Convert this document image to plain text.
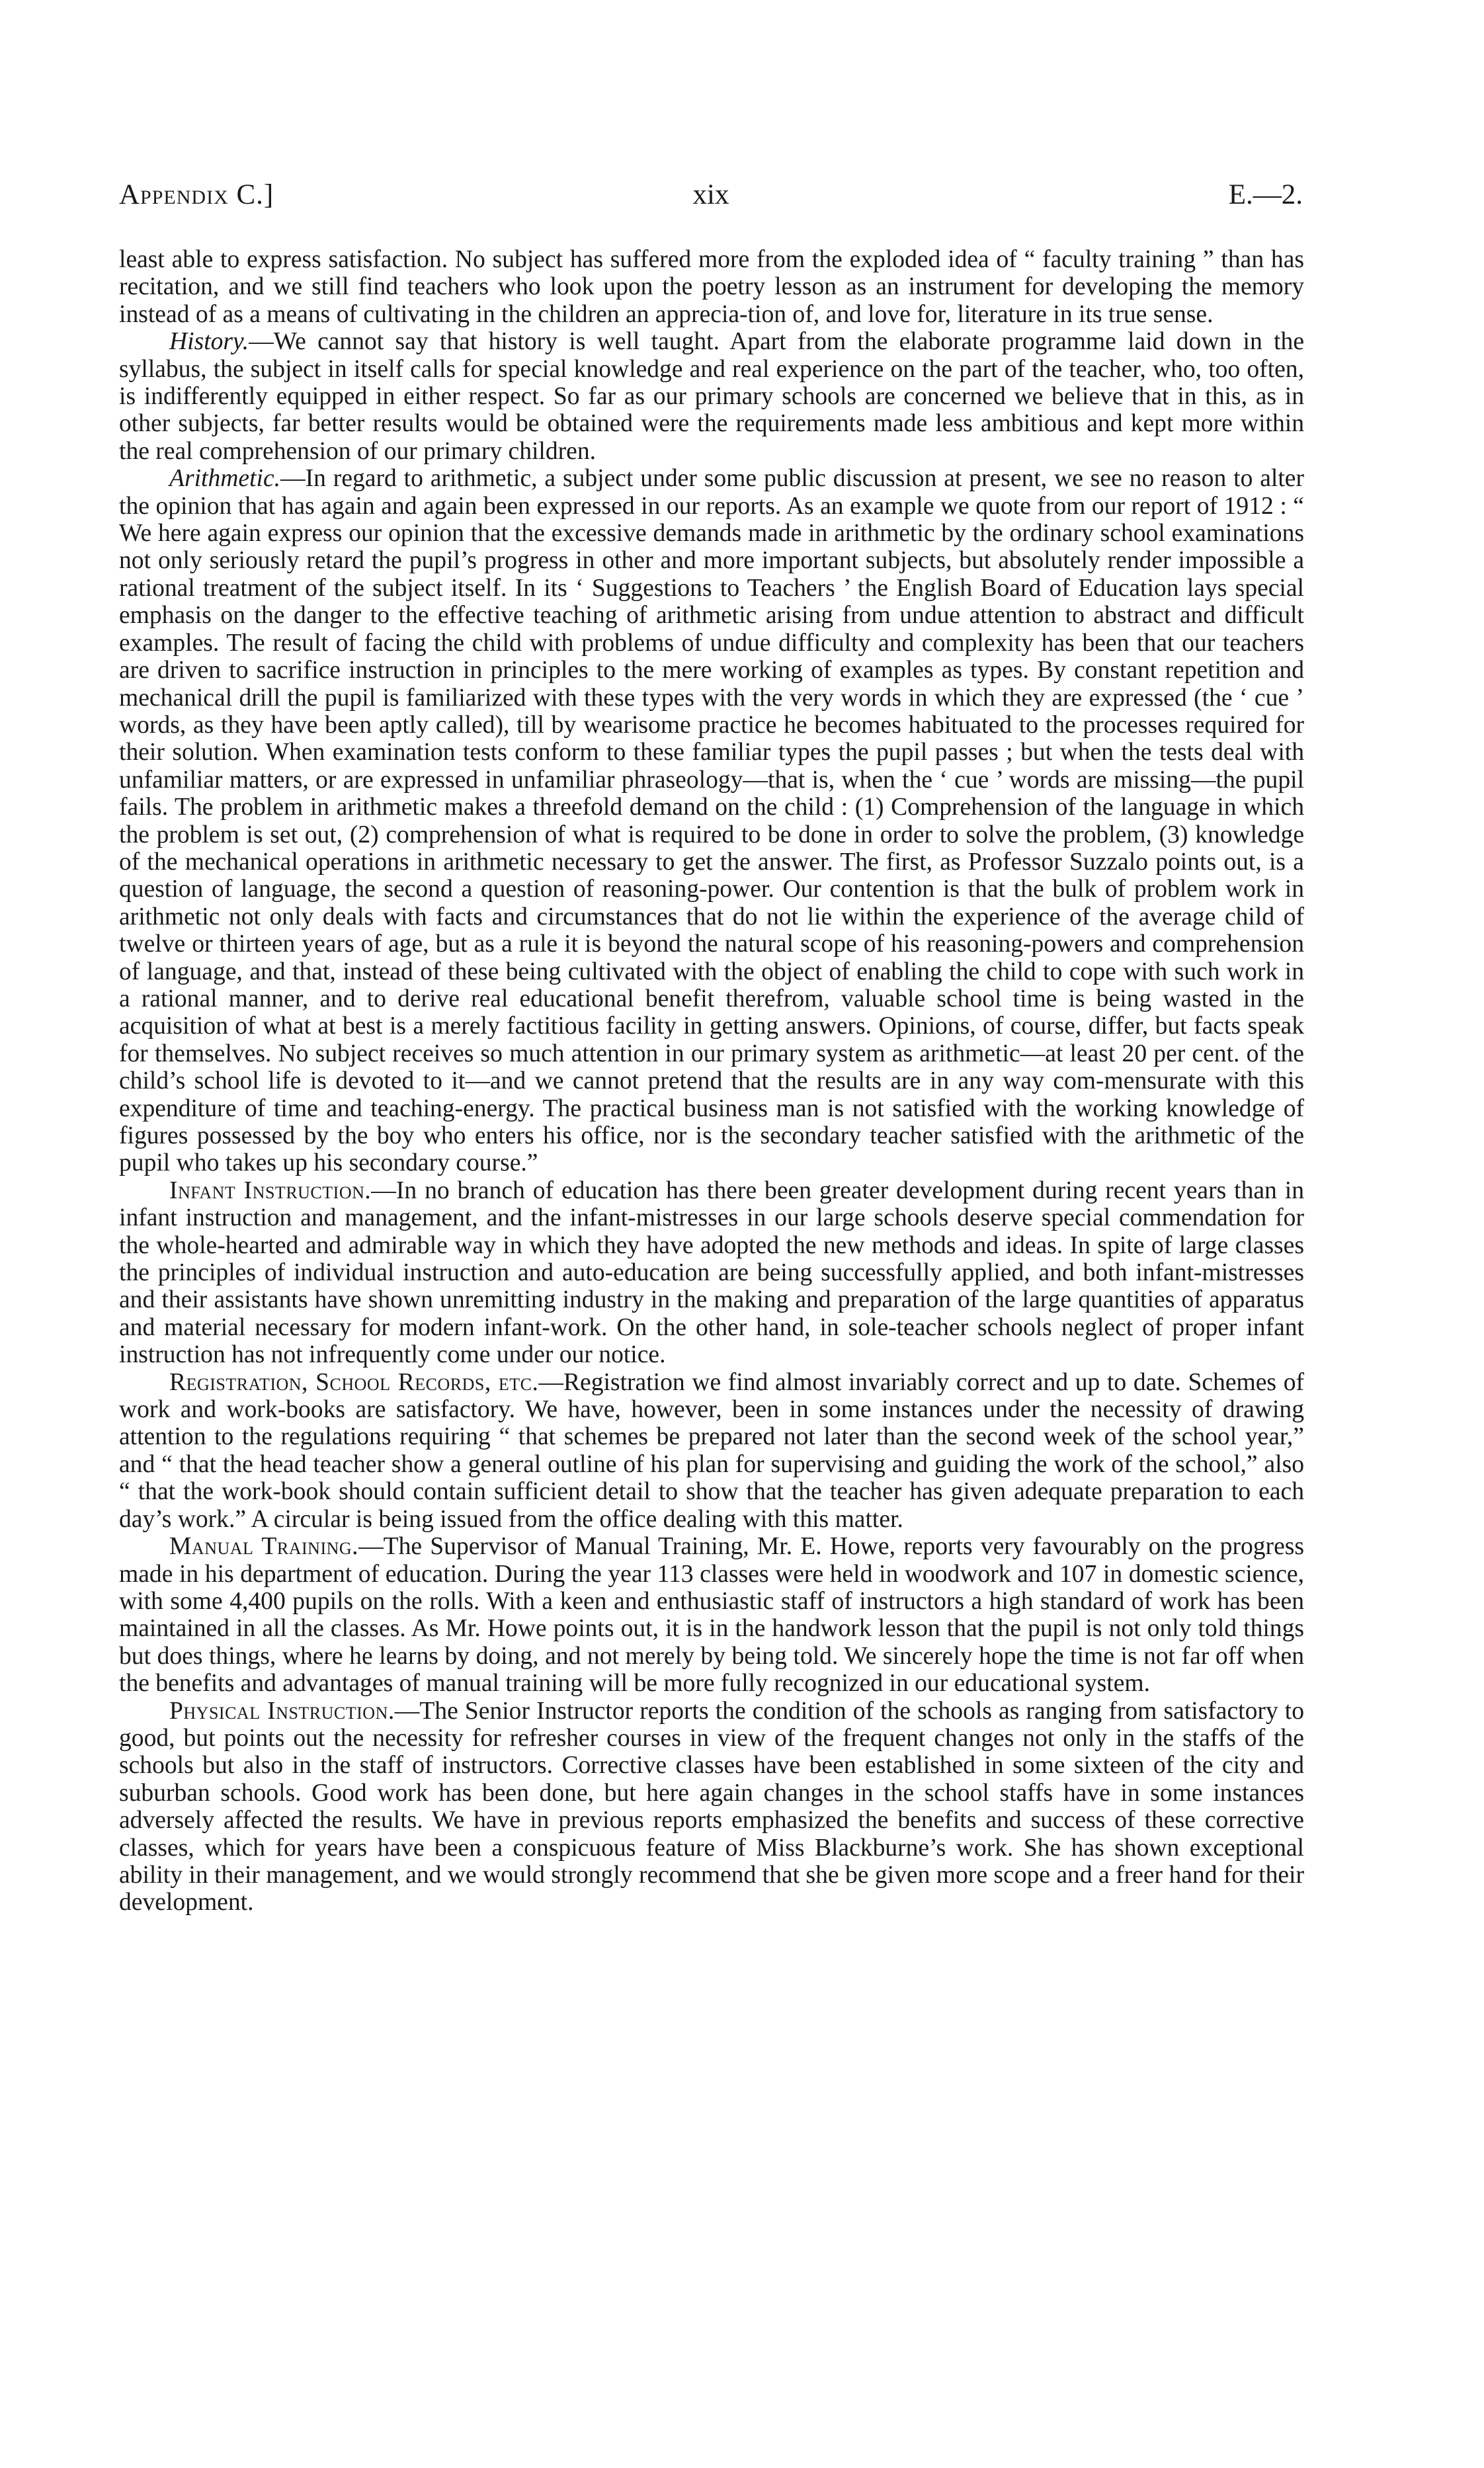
Appendix C.]	xix	E.—2.

least able to express satisfaction. No subject has suffered more from the exploded idea of “ faculty training ” than has recitation, and we still find teachers who look upon the poetry lesson as an instrument for developing the memory instead of as a means of cultivating in the children an apprecia-tion of, and love for, literature in its true sense.

History.—We cannot say that history is well taught. Apart from the elaborate programme laid down in the syllabus, the subject in itself calls for special knowledge and real experience on the part of the teacher, who, too often, is indifferently equipped in either respect. So far as our primary schools are concerned we believe that in this, as in other subjects, far better results would be obtained were the requirements made less ambitious and kept more within the real comprehension of our primary children.

Arithmetic.—In regard to arithmetic, a subject under some public discussion at present, we see no reason to alter the opinion that has again and again been expressed in our reports. As an example we quote from our report of 1912 : “ We here again express our opinion that the excessive demands made in arithmetic by the ordinary school examinations not only seriously retard the pupil’s progress in other and more important subjects, but absolutely render impossible a rational treatment of the subject itself. In its ‘ Suggestions to Teachers ’ the English Board of Education lays special emphasis on the danger to the effective teaching of arithmetic arising from undue attention to abstract and difficult examples. The result of facing the child with problems of undue difficulty and complexity has been that our teachers are driven to sacrifice instruction in principles to the mere working of examples as types. By constant repetition and mechanical drill the pupil is familiarized with these types with the very words in which they are expressed (the ‘ cue ’ words, as they have been aptly called), till by wearisome practice he becomes habituated to the processes required for their solution. When examination tests conform to these familiar types the pupil passes ; but when the tests deal with unfamiliar matters, or are expressed in unfamiliar phraseology—that is, when the ‘ cue ’ words are missing—the pupil fails. The problem in arithmetic makes a threefold demand on the child : (1) Comprehension of the language in which the problem is set out, (2) comprehension of what is required to be done in order to solve the problem, (3) knowledge of the mechanical operations in arithmetic necessary to get the answer. The first, as Professor Suzzalo points out, is a question of language, the second a question of reasoning-power. Our contention is that the bulk of problem work in arithmetic not only deals with facts and circumstances that do not lie within the experience of the average child of twelve or thirteen years of age, but as a rule it is beyond the natural scope of his reasoning-powers and comprehension of language, and that, instead of these being cultivated with the object of enabling the child to cope with such work in a rational manner, and to derive real educational benefit therefrom, valuable school time is being wasted in the acquisition of what at best is a merely factitious facility in getting answers. Opinions, of course, differ, but facts speak for themselves. No subject receives so much attention in our primary system as arithmetic—at least 20 per cent. of the child’s school life is devoted to it—and we cannot pretend that the results are in any way com-mensurate with this expenditure of time and teaching-energy. The practical business man is not satisfied with the working knowledge of figures possessed by the boy who enters his office, nor is the secondary teacher satisfied with the arithmetic of the pupil who takes up his secondary course.”

Infant Instruction.—In no branch of education has there been greater development during recent years than in infant instruction and management, and the infant-mistresses in our large schools deserve special commendation for the whole-hearted and admirable way in which they have adopted the new methods and ideas. In spite of large classes the principles of individual instruction and auto-education are being successfully applied, and both infant-mistresses and their assistants have shown unremitting industry in the making and preparation of the large quantities of apparatus and material necessary for modern infant-work. On the other hand, in sole-teacher schools neglect of proper infant instruction has not infrequently come under our notice.

Registration, School Records, etc.—Registration we find almost invariably correct and up to date. Schemes of work and work-books are satisfactory. We have, however, been in some instances under the necessity of drawing attention to the regulations requiring “ that schemes be prepared not later than the second week of the school year,” and “ that the head teacher show a general outline of his plan for supervising and guiding the work of the school,” also “ that the work-book should contain sufficient detail to show that the teacher has given adequate preparation to each day’s work.” A circular is being issued from the office dealing with this matter.

Manual Training.—The Supervisor of Manual Training, Mr. E. Howe, reports very favourably on the progress made in his department of education. During the year 113 classes were held in woodwork and 107 in domestic science, with some 4,400 pupils on the rolls. With a keen and enthusiastic staff of instructors a high standard of work has been maintained in all the classes. As Mr. Howe points out, it is in the handwork lesson that the pupil is not only told things but does things, where he learns by doing, and not merely by being told. We sincerely hope the time is not far off when the benefits and advantages of manual training will be more fully recognized in our educational system.

Physical Instruction.—The Senior Instructor reports the condition of the schools as ranging from satisfactory to good, but points out the necessity for refresher courses in view of the frequent changes not only in the staffs of the schools but also in the staff of instructors. Corrective classes have been established in some sixteen of the city and suburban schools. Good work has been done, but here again changes in the school staffs have in some instances adversely affected the results. We have in previous reports emphasized the benefits and success of these corrective classes, which for years have been a conspicuous feature of Miss Blackburne’s work. She has shown exceptional ability in their management, and we would strongly recommend that she be given more scope and a freer hand for their development.
